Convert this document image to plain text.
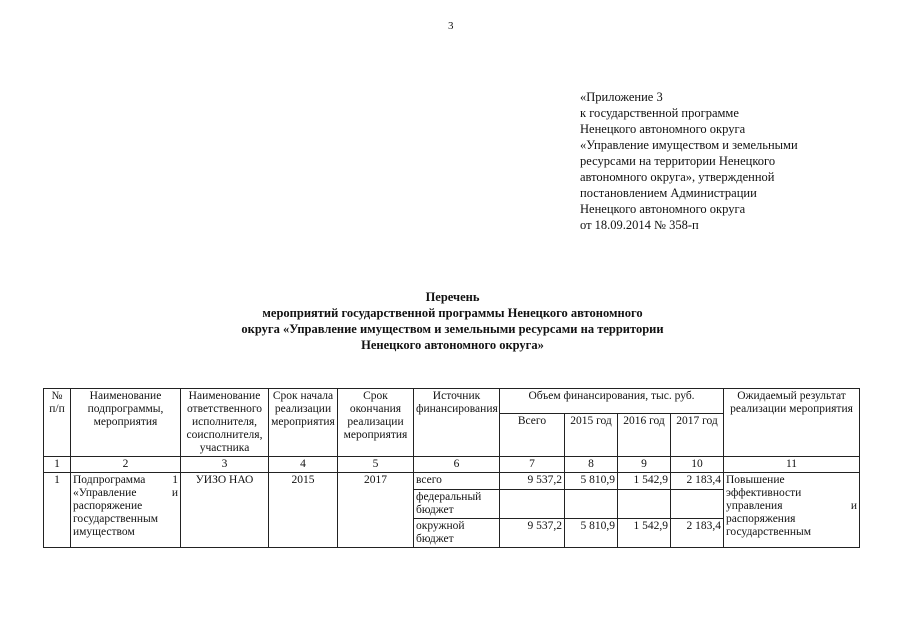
3
«Приложение 3
к государственной программе
Ненецкого автономного округа
«Управление имуществом и земельными
ресурсами на территории Ненецкого
автономного округа», утвержденной
постановлением Администрации
Ненецкого автономного округа
от 18.09.2014 № 358-п
Перечень
мероприятий государственной программы Ненецкого автономного
округа «Управление имуществом и земельными ресурсами на территории
Ненецкого автономного округа»
№ п/п	Наименование подпрограммы, мероприятия	Наименование ответственного исполнителя, соисполнителя, участника	Срок начала реализации мероприятия	Срок окончания реализации мероприятия	Источник финансирования	Объем финансирования, тыс. руб.				Ожидаемый результат реализации мероприятия
						Всего	2015 год	2016 год	2017 год	
1	2	3	4	5	6	7	8	9	10	11
1	Подпрограмма 1 «Управление и распоряжение государственным имуществом	УИЗО НАО	2015	2017	всего	9 537,2	5 810,9	1 542,9	2 183,4	Повышение эффективности управления и распоряжения государственным
					федеральный бюджет					
					окружной бюджет	9 537,2	5 810,9	1 542,9	2 183,4	
